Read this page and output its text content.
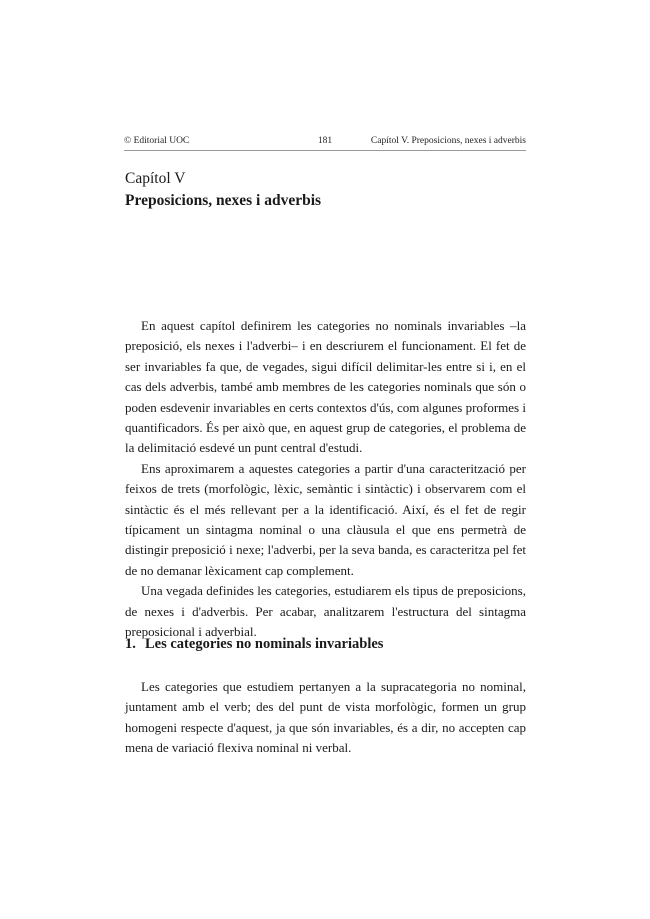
© Editorial UOC	181	Capítol V. Preposicions, nexes i adverbis
Capítol V
Preposicions, nexes i adverbis

En aquest capítol definirem les categories no nominals invariables –la preposició, els nexes i l'adverbi– i en descriurem el funcionament. El fet de ser invariables fa que, de vegades, sigui difícil delimitar-les entre si i, en el cas dels adverbis, també amb membres de les categories nominals que són o poden esdevenir invariables en certs contextos d'ús, com algunes proformes i quantificadors. És per això que, en aquest grup de categories, el problema de la delimitació esdevé un punt central d'estudi.

Ens aproximarem a aquestes categories a partir d'una caracterització per feixos de trets (morfològic, lèxic, semàntic i sintàctic) i observarem com el sintàctic és el més rellevant per a la identificació. Així, és el fet de regir típicament un sintagma nominal o una clàusula el que ens permetrà de distingir preposició i nexe; l'adverbi, per la seva banda, es caracteritza pel fet de no demanar lèxicament cap complement.

Una vegada definides les categories, estudiarem els tipus de preposicions, de nexes i d'adverbis. Per acabar, analitzarem l'estructura del sintagma preposicional i adverbial.

1. Les categories no nominals invariables

Les categories que estudiem pertanyen a la supracategoria no nominal, juntament amb el verb; des del punt de vista morfològic, formen un grup homogeni respecte d'aquest, ja que són invariables, és a dir, no accepten cap mena de variació flexiva nominal ni verbal.
